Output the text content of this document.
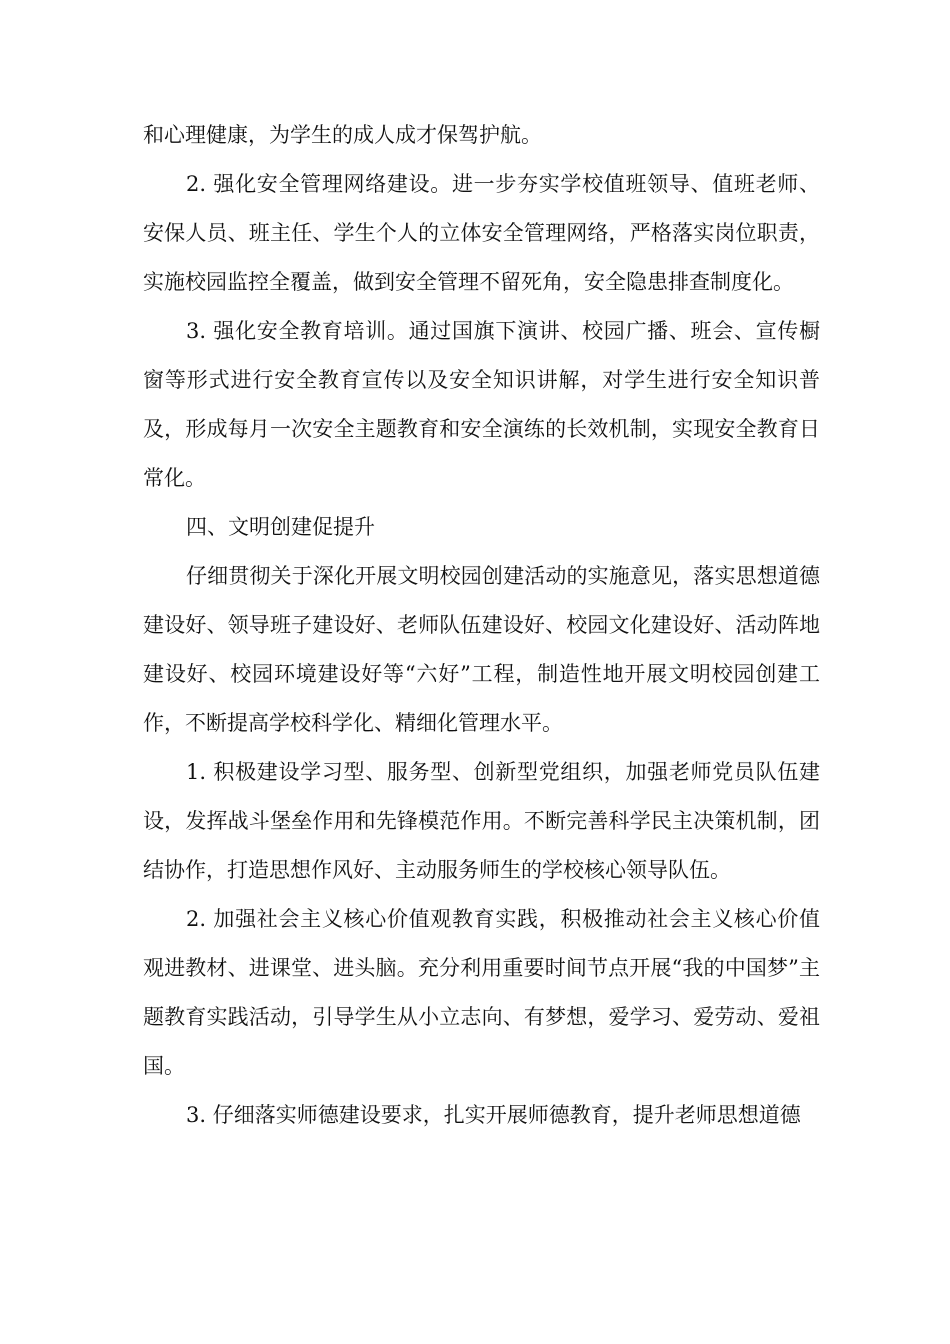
和心理健康，为学生的成人成才保驾护航。

2. 强化安全管理网络建设。进一步夯实学校值班领导、值班老师、安保人员、班主任、学生个人的立体安全管理网络，严格落实岗位职责，实施校园监控全覆盖，做到安全管理不留死角，安全隐患排查制度化。

3. 强化安全教育培训。通过国旗下演讲、校园广播、班会、宣传橱窗等形式进行安全教育宣传以及安全知识讲解，对学生进行安全知识普及，形成每月一次安全主题教育和安全演练的长效机制，实现安全教育日常化。

四、文明创建促提升

仔细贯彻关于深化开展文明校园创建活动的实施意见，落实思想道德建设好、领导班子建设好、老师队伍建设好、校园文化建设好、活动阵地建设好、校园环境建设好等“六好”工程，制造性地开展文明校园创建工作，不断提高学校科学化、精细化管理水平。

1. 积极建设学习型、服务型、创新型党组织，加强老师党员队伍建设，发挥战斗堡垒作用和先锋模范作用。不断完善科学民主决策机制，团结协作，打造思想作风好、主动服务师生的学校核心领导队伍。

2. 加强社会主义核心价值观教育实践，积极推动社会主义核心价值观进教材、进课堂、进头脑。充分利用重要时间节点开展“我的中国梦”主题教育实践活动，引导学生从小立志向、有梦想，爱学习、爱劳动、爱祖国。

3. 仔细落实师德建设要求，扎实开展师德教育，提升老师思想道德
